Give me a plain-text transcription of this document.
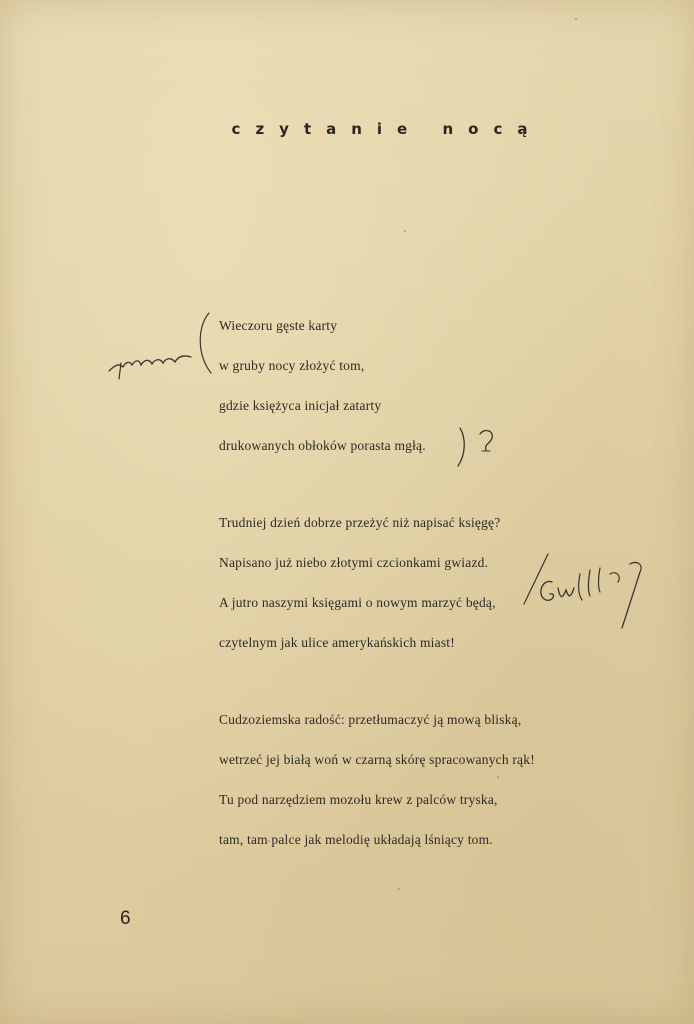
czytanie nocą
Wieczoru gęste karty
w gruby nocy złożyć tom,
gdzie księżyca inicjał zatarty
drukowanych obłoków porasta mgłą.
Trudniej dzień dobrze przeżyć niż napisać księgę?
Napisano już niebo złotymi czcionkami gwiazd.
A jutro naszymi księgami o nowym marzyć będą,
czytelnym jak ulice amerykańskich miast!
Cudzoziemska radość: przetłumaczyć ją mową bliską,
wetrzeć jej białą woń w czarną skórę spracowanych rąk!
Tu pod narzędziem mozołu krew z palców tryska,
tam, tam palce jak melodię układają lśniący tom.
6
